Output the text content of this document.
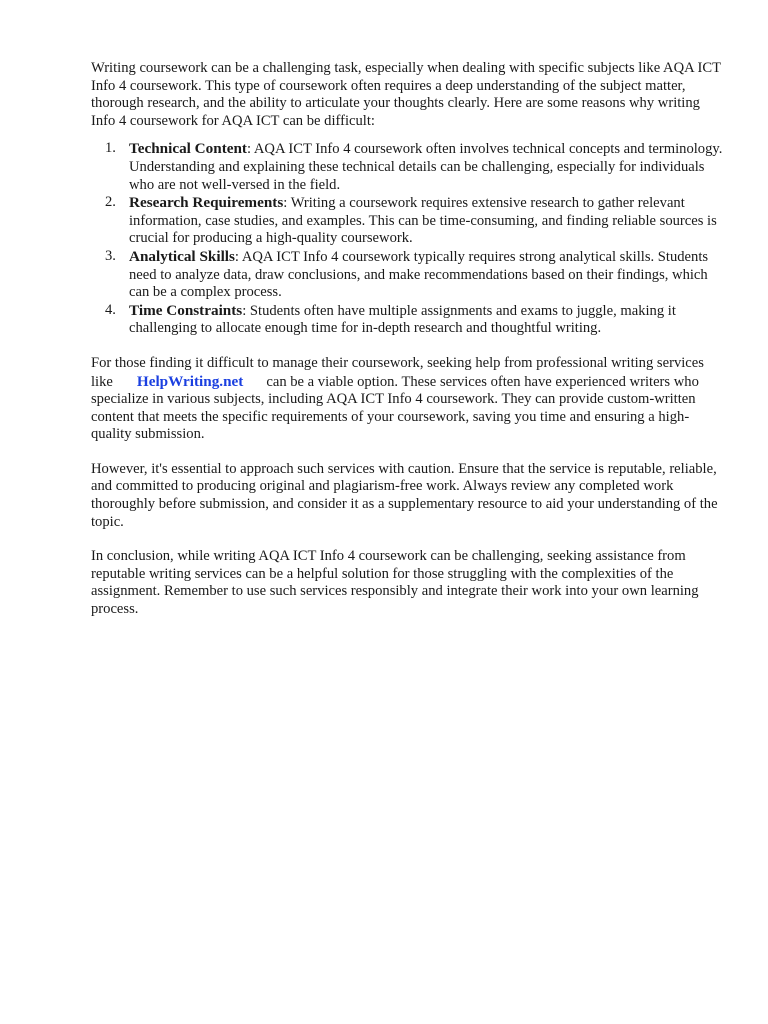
Writing coursework can be a challenging task, especially when dealing with specific subjects like AQA ICT Info 4 coursework. This type of coursework often requires a deep understanding of the subject matter, thorough research, and the ability to articulate your thoughts clearly. Here are some reasons why writing Info 4 coursework for AQA ICT can be difficult:

1. Technical Content: AQA ICT Info 4 coursework often involves technical concepts and terminology. Understanding and explaining these technical details can be challenging, especially for individuals who are not well-versed in the field.
2. Research Requirements: Writing a coursework requires extensive research to gather relevant information, case studies, and examples. This can be time-consuming, and finding reliable sources is crucial for producing a high-quality coursework.
3. Analytical Skills: AQA ICT Info 4 coursework typically requires strong analytical skills. Students need to analyze data, draw conclusions, and make recommendations based on their findings, which can be a complex process.
4. Time Constraints: Students often have multiple assignments and exams to juggle, making it challenging to allocate enough time for in-depth research and thoughtful writing.

For those finding it difficult to manage their coursework, seeking help from professional writing services like HelpWriting.net can be a viable option. These services often have experienced writers who specialize in various subjects, including AQA ICT Info 4 coursework. They can provide custom-written content that meets the specific requirements of your coursework, saving you time and ensuring a high-quality submission.

However, it's essential to approach such services with caution. Ensure that the service is reputable, reliable, and committed to producing original and plagiarism-free work. Always review any completed work thoroughly before submission, and consider it as a supplementary resource to aid your understanding of the topic.

In conclusion, while writing AQA ICT Info 4 coursework can be challenging, seeking assistance from reputable writing services can be a helpful solution for those struggling with the complexities of the assignment. Remember to use such services responsibly and integrate their work into your own learning process.
